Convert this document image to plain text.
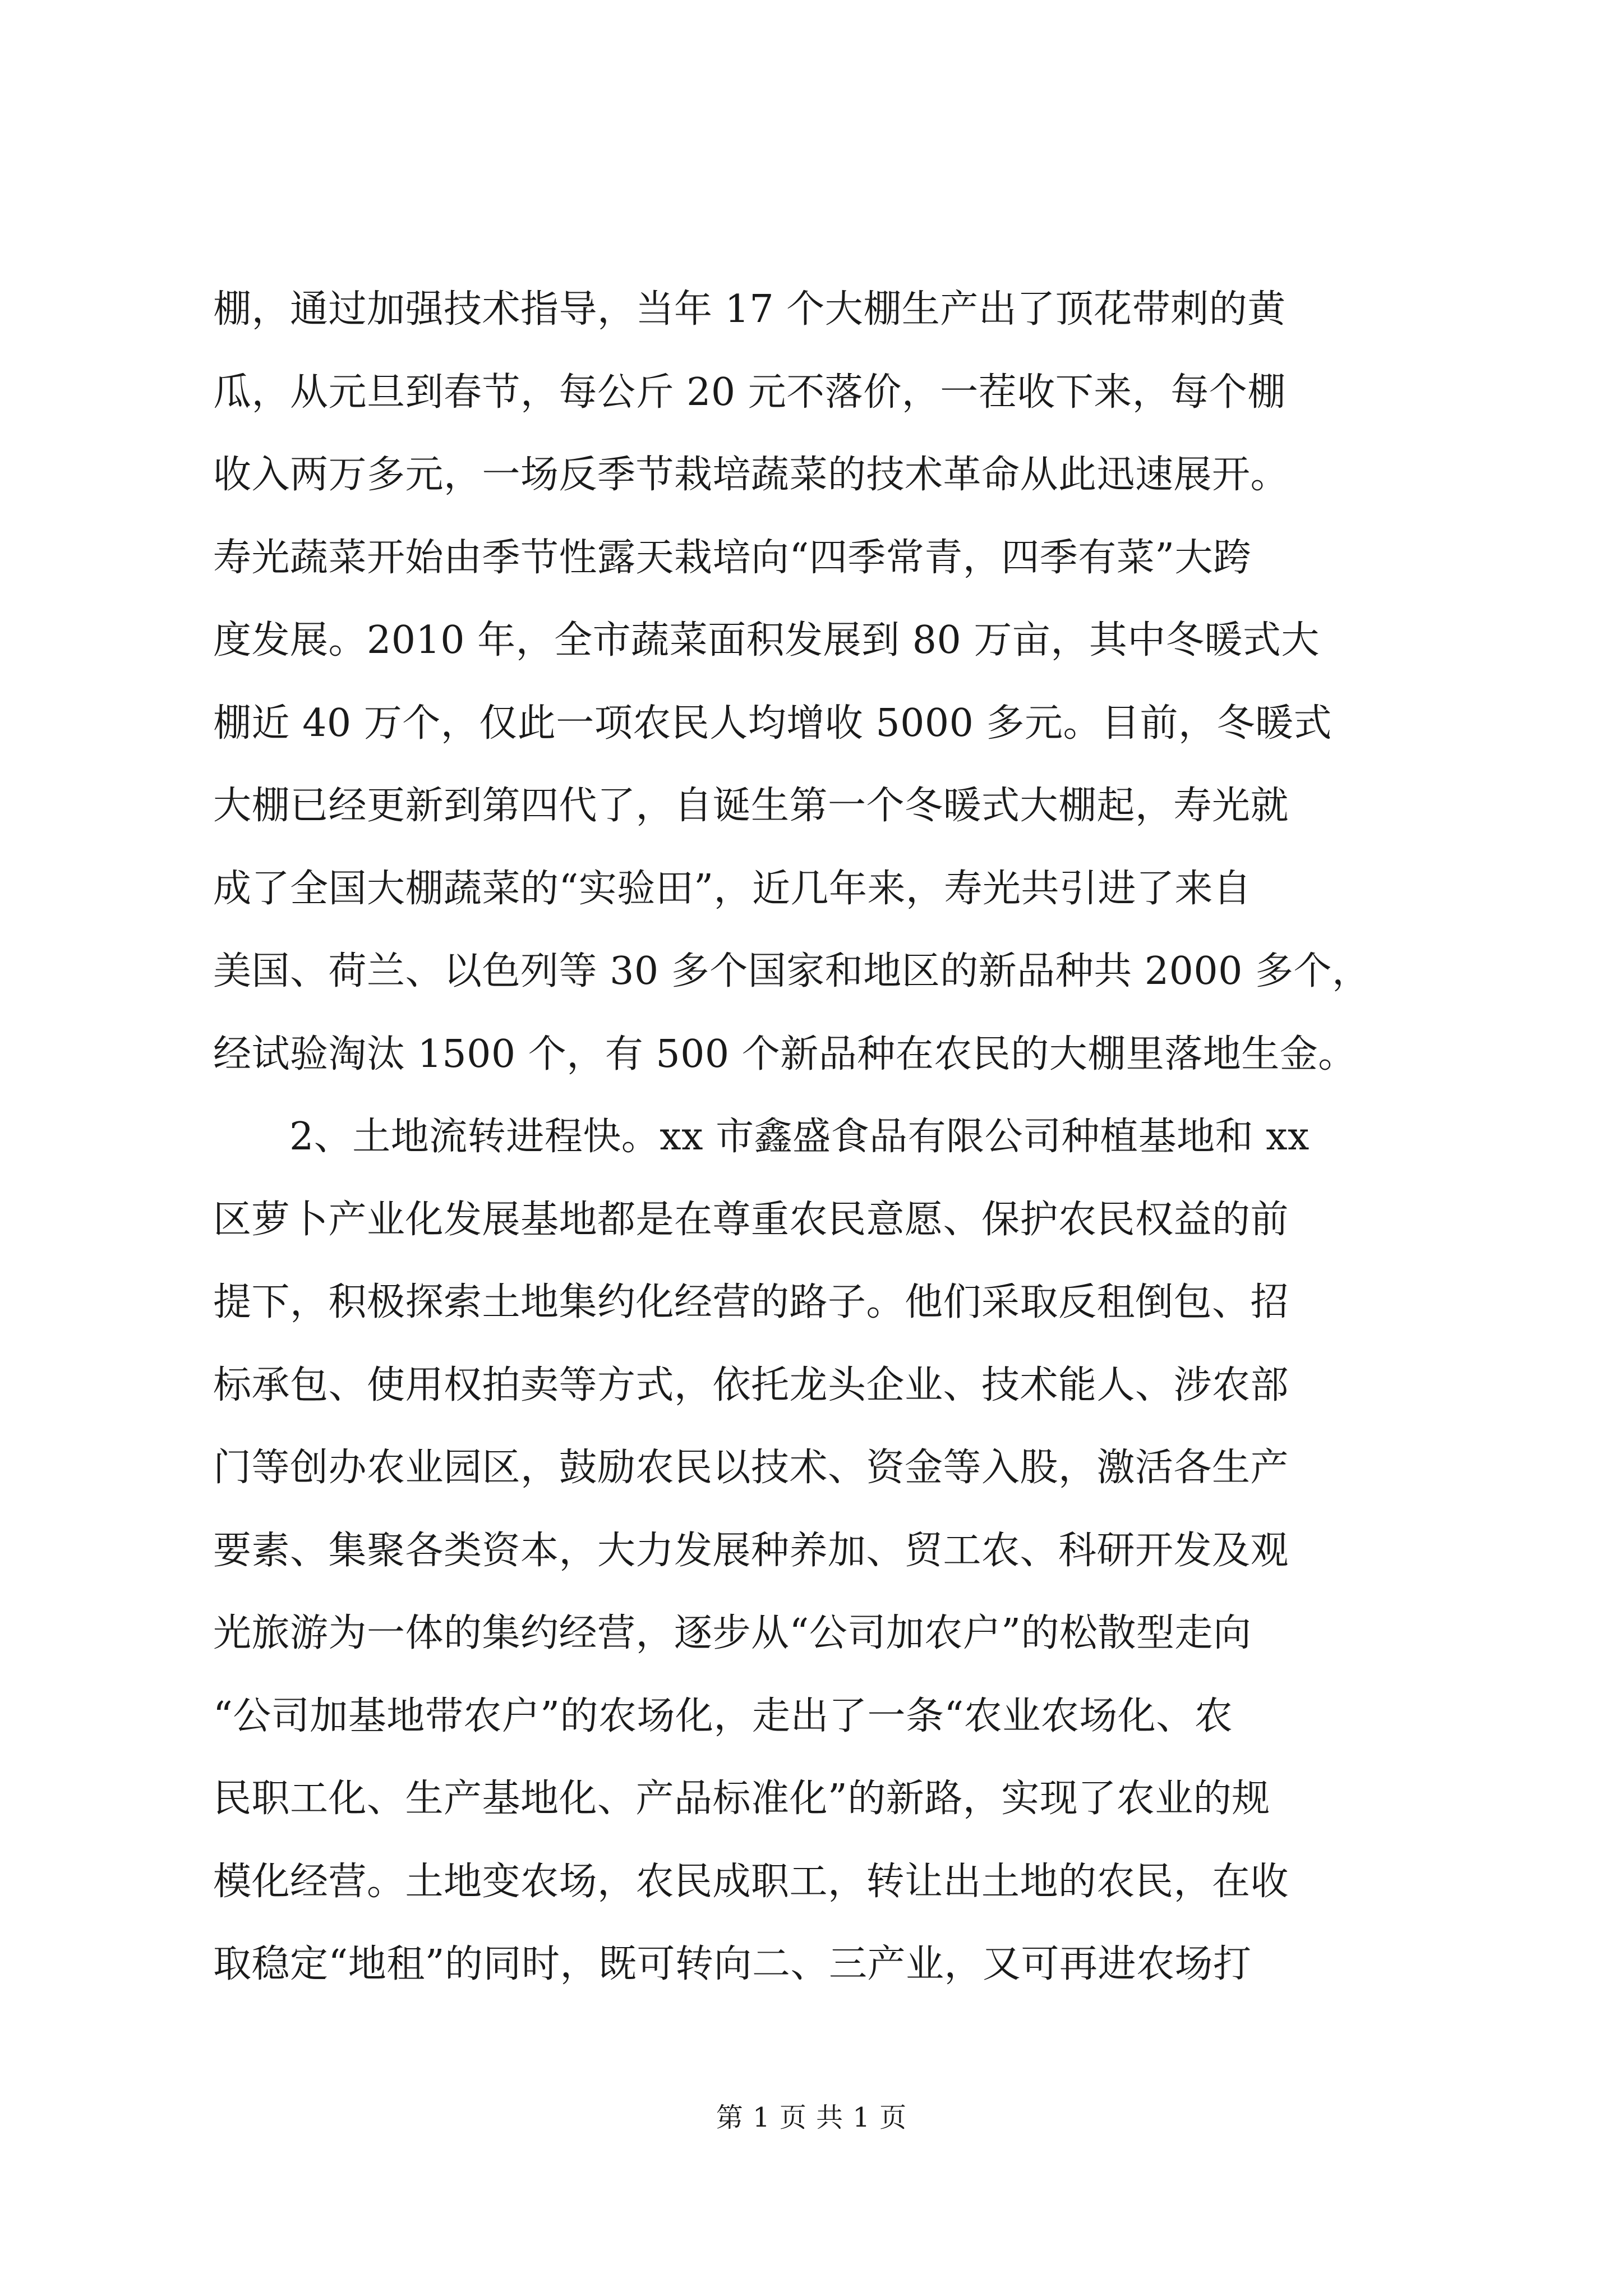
棚，通过加强技术指导，当年 17 个大棚生产出了顶花带刺的黄
瓜，从元旦到春节，每公斤 20 元不落价，一茬收下来，每个棚
收入两万多元，一场反季节栽培蔬菜的技术革命从此迅速展开。
寿光蔬菜开始由季节性露天栽培向“四季常青，四季有菜”大跨
度发展。2010 年，全市蔬菜面积发展到 80 万亩，其中冬暖式大
棚近 40 万个，仅此一项农民人均增收 5000 多元。目前，冬暖式
大棚已经更新到第四代了，自诞生第一个冬暖式大棚起，寿光就
成了全国大棚蔬菜的“实验田”，近几年来，寿光共引进了来自
美国、荷兰、以色列等 30 多个国家和地区的新品种共 2000 多个，
经试验淘汰 1500 个，有 500 个新品种在农民的大棚里落地生金。
2、土地流转进程快。xx 市鑫盛食品有限公司种植基地和 xx
区萝卜产业化发展基地都是在尊重农民意愿、保护农民权益的前
提下，积极探索土地集约化经营的路子。他们采取反租倒包、招
标承包、使用权拍卖等方式，依托龙头企业、技术能人、涉农部
门等创办农业园区，鼓励农民以技术、资金等入股，激活各生产
要素、集聚各类资本，大力发展种养加、贸工农、科研开发及观
光旅游为一体的集约经营，逐步从“公司加农户”的松散型走向
“公司加基地带农户”的农场化，走出了一条“农业农场化、农
民职工化、生产基地化、产品标准化”的新路，实现了农业的规
模化经营。土地变农场，农民成职工，转让出土地的农民，在收
取稳定“地租”的同时，既可转向二、三产业，又可再进农场打
第 1 页 共 1 页
